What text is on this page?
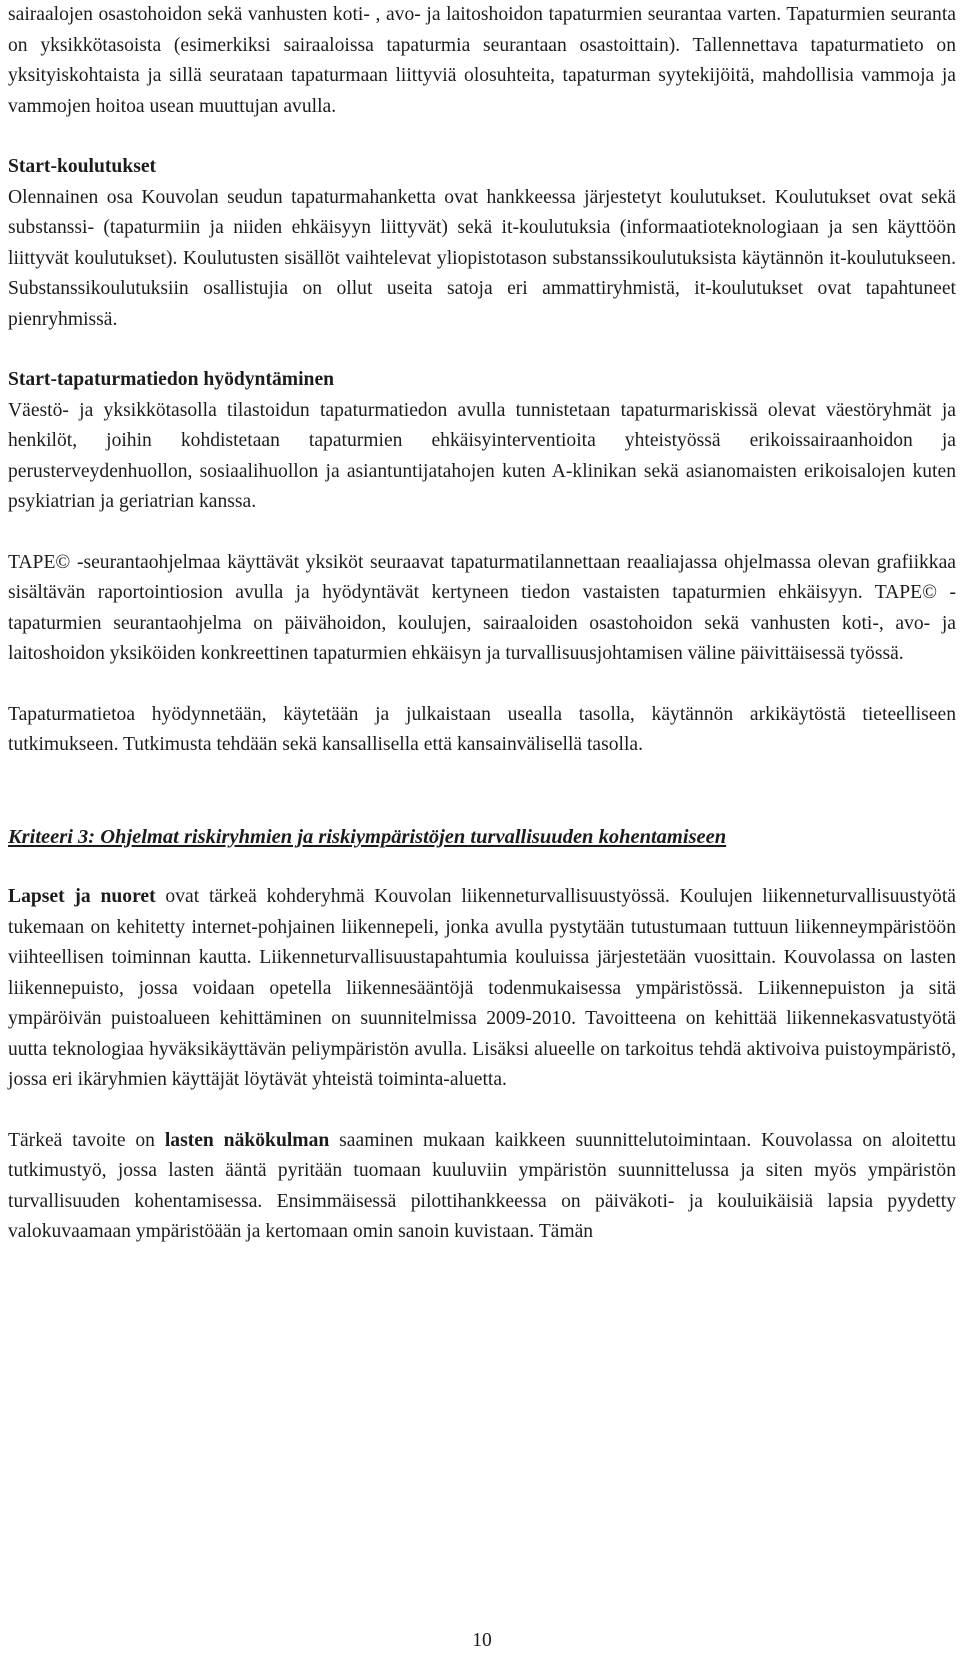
sairaalojen osastohoidon sekä vanhusten koti- , avo- ja laitoshoidon tapaturmien seurantaa varten. Tapaturmien seuranta on yksikkötasoista (esimerkiksi sairaaloissa tapaturmia seurantaan osastoittain). Tallennettava tapaturmatieto on yksityiskohtaista ja sillä seurataan tapaturmaan liittyviä olosuhteita, tapaturman syytekijöitä, mahdollisia vammoja ja vammojen hoitoa usean muuttujan avulla.

Start-koulutukset

Olennainen osa Kouvolan seudun tapaturmahanketta ovat hankkeessa järjestetyt koulutukset. Koulutukset ovat sekä substanssi- (tapaturmiin ja niiden ehkäisyyn liittyvät) sekä it-koulutuksia (informaatioteknologiaan ja sen käyttöön liittyvät koulutukset). Koulutusten sisällöt vaihtelevat yliopistotason substanssikoulutuksista käytännön it-koulutukseen. Substanssikoulutuksiin osallistujia on ollut useita satoja eri ammattiryhmistä, it-koulutukset ovat tapahtuneet pienryhmissä.

Start-tapaturmatiedon hyödyntäminen

Väestö- ja yksikkötasolla tilastoidun tapaturmatiedon avulla tunnistetaan tapaturmariskissä olevat väestöryhmät ja henkilöt, joihin kohdistetaan tapaturmien ehkäisyinterventioita yhteistyössä erikoissairaanhoidon ja perusterveydenhuollon, sosiaalihuollon ja asiantuntijatahojen kuten A-klinikan sekä asianomaisten erikoisalojen kuten psykiatrian ja geriatrian kanssa.

TAPE© -seurantaohjelmaa käyttävät yksiköt seuraavat tapaturmatilannettaan reaaliajassa ohjelmassa olevan grafiikkaa sisältävän raportointiosion avulla ja hyödyntävät kertyneen tiedon vastaisten tapaturmien ehkäisyyn. TAPE© - tapaturmien seurantaohjelma on päivähoidon, koulujen, sairaaloiden osastohoidon sekä vanhusten koti-, avo- ja laitoshoidon yksiköiden konkreettinen tapaturmien ehkäisyn ja turvallisuusjohtamisen väline päivittäisessä työssä.

Tapaturmatietoa hyödynnetään, käytetään ja julkaistaan usealla tasolla, käytännön arkikäytöstä tieteelliseen tutkimukseen. Tutkimusta tehdään sekä kansallisella että kansainvälisellä tasolla.

Kriteeri 3: Ohjelmat riskiryhmien ja riskiympäristöjen turvallisuuden kohentamiseen

Lapset ja nuoret ovat tärkeä kohderyhmä Kouvolan liikenneturvallisuustyössä. Koulujen liikenneturvallisuustyötä tukemaan on kehitetty internet-pohjainen liikennepeli, jonka avulla pystytään tutustumaan tuttuun liikenneympäristöön viihteellisen toiminnan kautta. Liikenneturvallisuustapahtumia kouluissa järjestetään vuosittain. Kouvolassa on lasten liikennepuisto, jossa voidaan opetella liikennesääntöjä todenmukaisessa ympäristössä. Liikennepuiston ja sitä ympäröivän puistoalueen kehittäminen on suunnitelmissa 2009-2010. Tavoitteena on kehittää liikennekasvatustyötä uutta teknologiaa hyväksikäyttävän peliympäristön avulla. Lisäksi alueelle on tarkoitus tehdä aktivoiva puistoympäristö, jossa eri ikäryhmien käyttäjät löytävät yhteistä toiminta-aluetta.

Tärkeä tavoite on lasten näkökulman saaminen mukaan kaikkeen suunnittelutoimintaan. Kouvolassa on aloitettu tutkimustyö, jossa lasten ääntä pyritään tuomaan kuuluviin ympäristön suunnittelussa ja siten myös ympäristön turvallisuuden kohentamisessa. Ensimmäisessä pilottihankkeessa on päiväkoti- ja kouluikäisiä lapsia pyydetty valokuvaamaan ympäristöään ja kertomaan omin sanoin kuvistaan. Tämän

10
